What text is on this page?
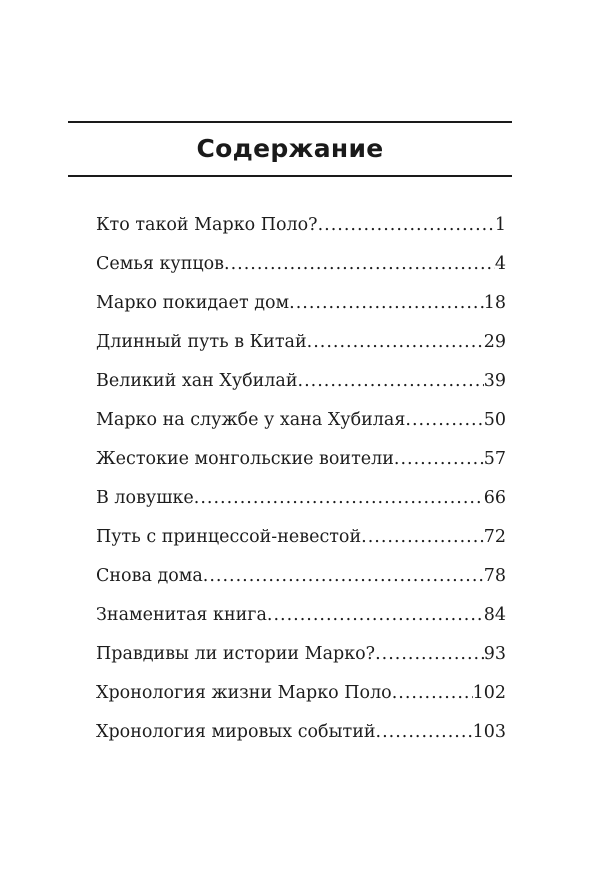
Содержание
Кто такой Марко Поло? .....	1
Семья купцов .....	4
Марко покидает дом .....	18
Длинный путь в Китай .....	29
Великий хан Хубилай .....	39
Марко на службе у хана Хубилая .....	50
Жестокие монгольские воители .....	57
В ловушке .....	66
Путь с принцессой-невестой .....	72
Снова дома .....	78
Знаменитая книга .....	84
Правдивы ли истории Марко? .....	93
Хронология жизни Марко Поло .....	102
Хронология мировых событий .....	103
